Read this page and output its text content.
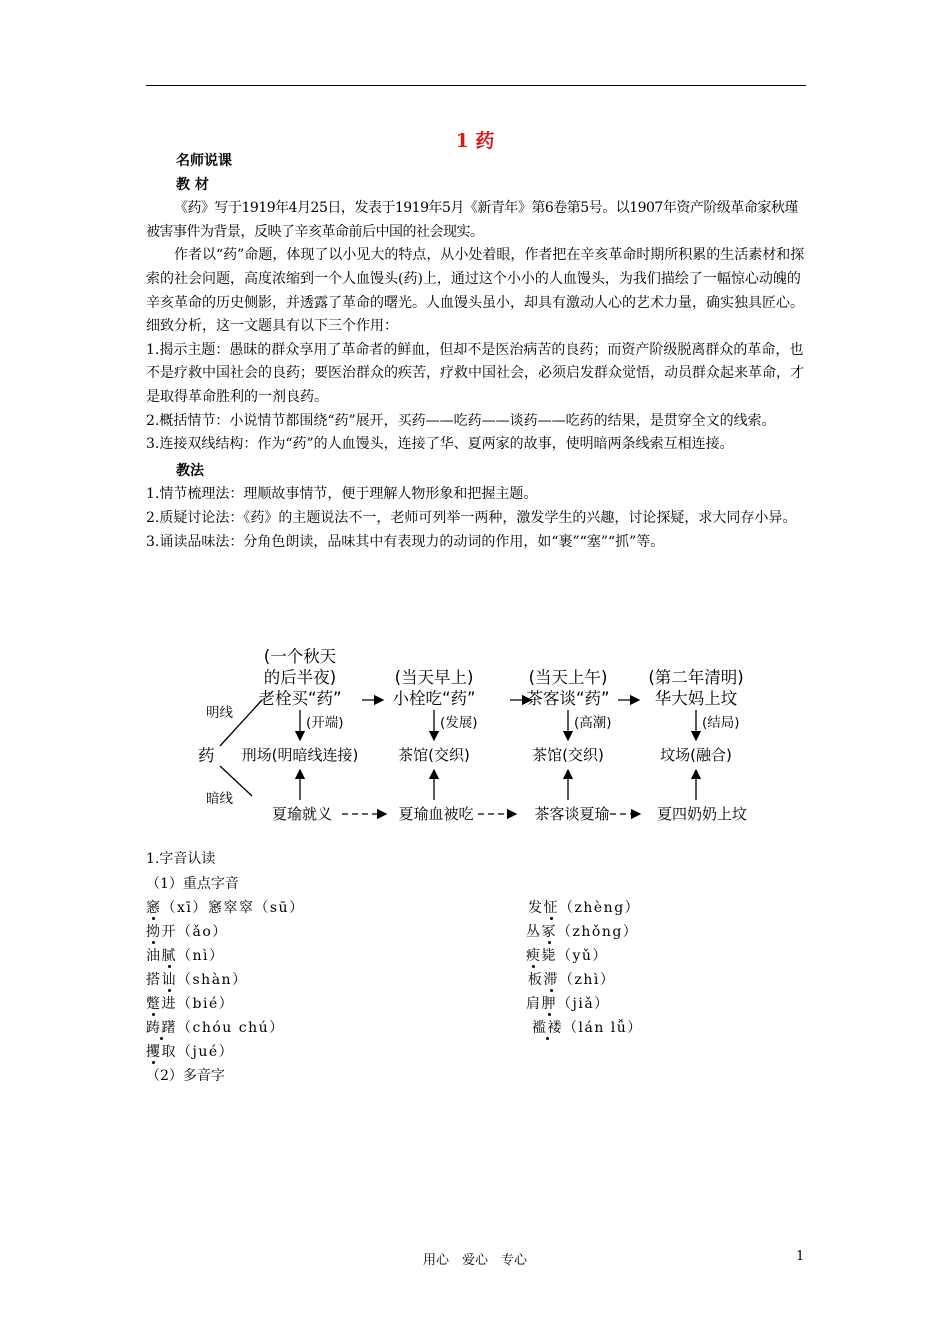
1 药

名师说课

教 材

《药》写于1919年4月25日，发表于1919年5月《新青年》第6卷第5号。以1907年资产阶级革命家秋瑾被害事件为背景，反映了辛亥革命前后中国的社会现实。

作者以“药”命题，体现了以小见大的特点，从小处着眼，作者把在辛亥革命时期所积累的生活素材和探索的社会问题，高度浓缩到一个人血馒头(药)上，通过这个小小的人血馒头，为我们描绘了一幅惊心动魄的辛亥革命的历史侧影，并透露了革命的曙光。人血馒头虽小，却具有激动人心的艺术力量，确实独具匠心。细致分析，这一文题具有以下三个作用：

1.揭示主题：愚昧的群众享用了革命者的鲜血，但却不是医治病苦的良药；而资产阶级脱离群众的革命，也不是疗救中国社会的良药；要医治群众的疾苦，疗救中国社会，必须启发群众觉悟，动员群众起来革命，才是取得革命胜利的一剂良药。

2.概括情节：小说情节都围绕“药”展开，买药——吃药——谈药——吃药的结果，是贯穿全文的线索。

3.连接双线结构：作为“药”的人血馒头，连接了华、夏两家的故事，使明暗两条线索互相连接。

教法

1.情节梳理法：理顺故事情节，便于理解人物形象和把握主题。

2.质疑讨论法：《药》的主题说法不一，老师可列举一两种，激发学生的兴趣，讨论探疑，求大同存小异。

3.诵读品味法：分角色朗读，品味其中有表现力的动词的作用，如“裹”“塞”“抓”等。

明线
药
暗线
(一个秋天
的后半夜)	(当天早上)	(当天上午) (第二年清明)
老栓买“药”	小栓吃“药”	茶客谈“药”	华大妈上坟
(开端)	(发展)	(高潮)	(结局)
刑场(明暗线连接)	茶馆(交织)	茶馆(交织)	坟场(融合)
夏瑜就义	夏瑜血被吃	茶客谈夏瑜	夏四奶奶上坟
1.字音认读
（1）重点字音
窸（xī）窸窣窣（sū）
拗开（ǎo）
油腻（nì）
搭讪（shàn）
蹩进（bié）
踌躇（chóu chú）
攫取（jué）
发怔（zhèng）
丛冢（zhǒng）
瘐毙（yǔ）
板滞（zhì）
肩胛（jiǎ）
褴褛（lán lǚ）
（2）多音字
用心　爱心　专心	1
